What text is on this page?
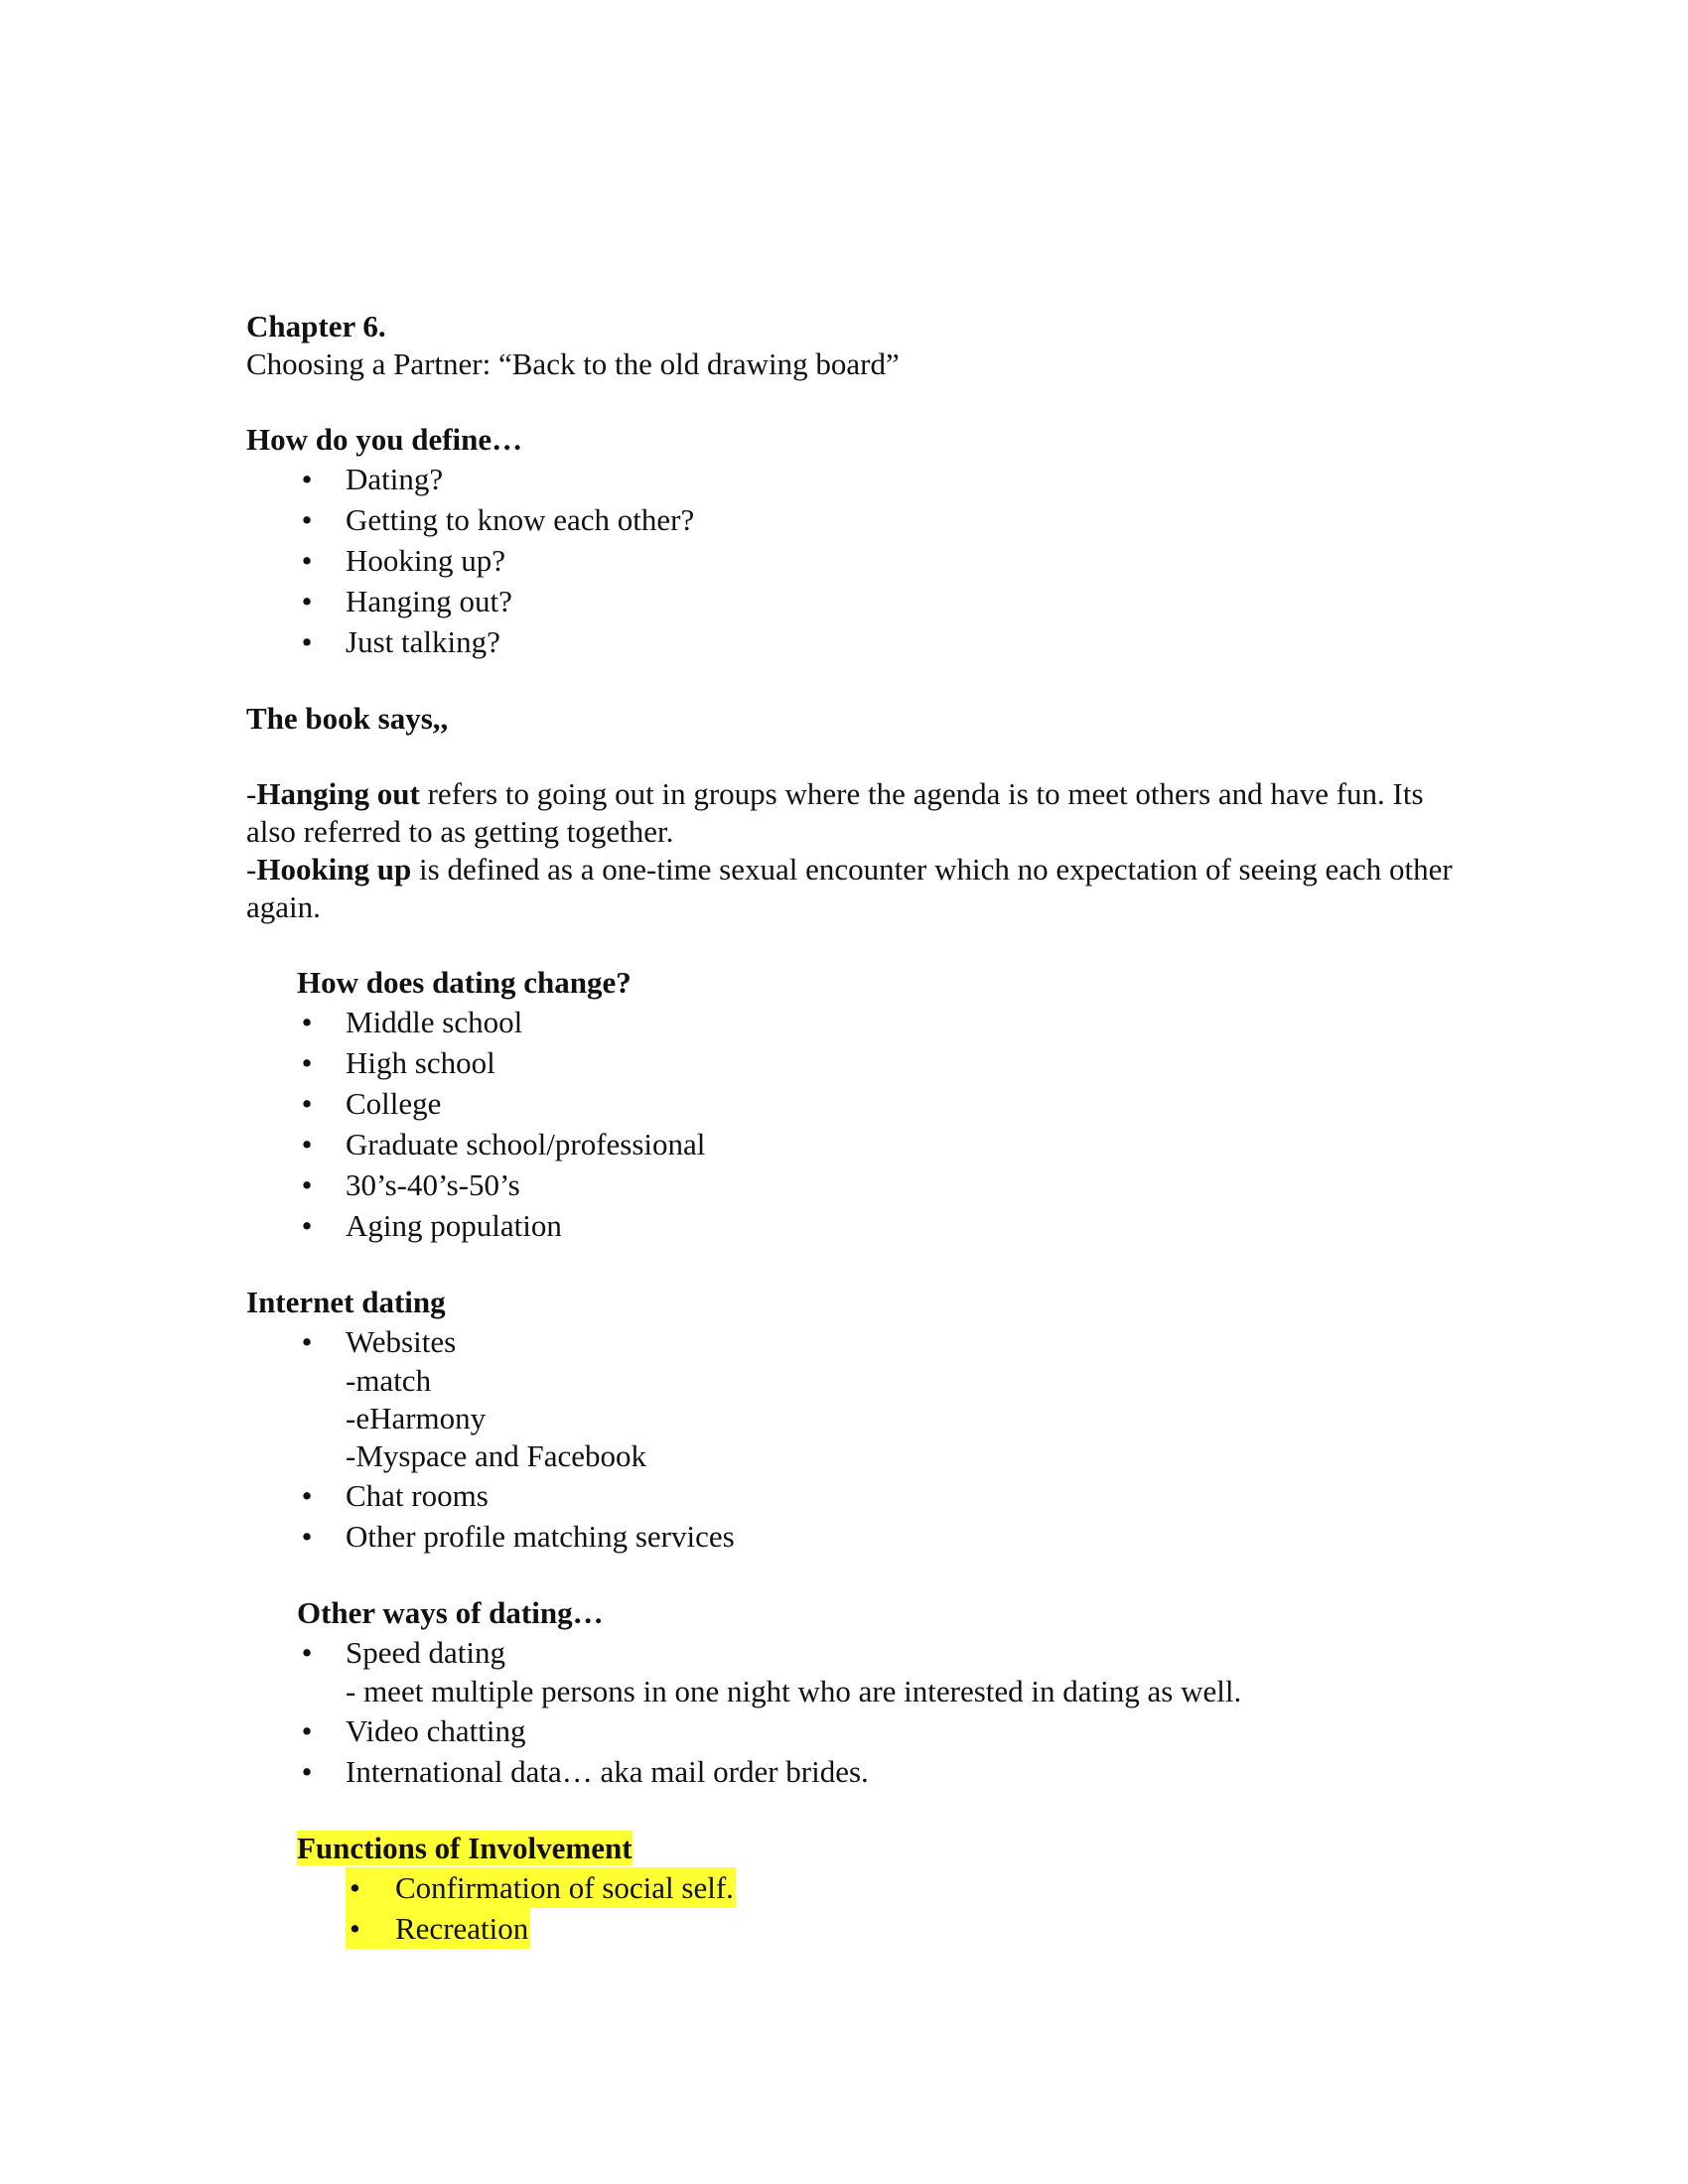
Chapter 6.
Choosing a Partner: “Back to the old drawing board”
How do you define…
• Dating?
• Getting to know each other?
• Hooking up?
• Hanging out?
• Just talking?
The book says,,
-Hanging out refers to going out in groups where the agenda is to meet others and have fun. Its also referred to as getting together.
-Hooking up is defined as a one-time sexual encounter which no expectation of seeing each other again.
How does dating change?
• Middle school
• High school
• College
• Graduate school/professional
• 30’s-40’s-50’s
• Aging population
Internet dating
• Websites
-match
-eHarmony
-Myspace and Facebook
• Chat rooms
• Other profile matching services
Other ways of dating…
• Speed dating
- meet multiple persons in one night who are interested in dating as well.
• Video chatting
• International data… aka mail order brides.
Functions of Involvement
• Confirmation of social self.
• Recreation
